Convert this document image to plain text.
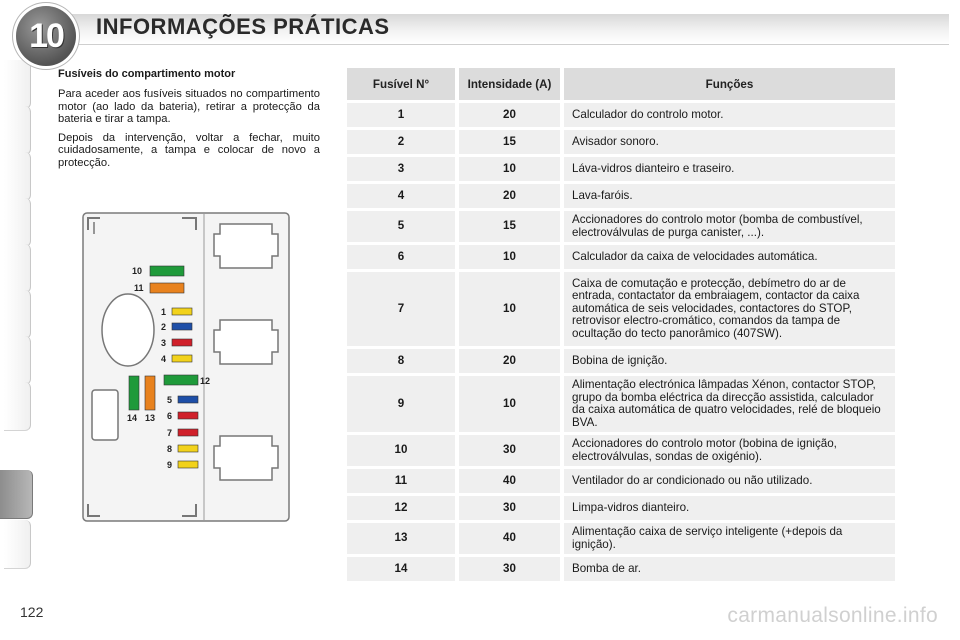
10 INFORMAÇÕES PRÁTICAS
Fusíveis do compartimento motor

Para aceder aos fusíveis situados no compartimento motor (ao lado da bateria), retirar a protecção da bateria e tirar a tampa.

Depois da intervenção, voltar a fechar, muito cuidadosamente, a tampa e colocar de novo a protecção.

10
11
1
2
3
4
12
5
6
7
8
9
14 13
Fusível N°	Intensidade (A)	Funções
1	20	Calculador do controlo motor.
2	15	Avisador sonoro.
3	10	Láva-vidros dianteiro e traseiro.
4	20	Lava-faróis.
5	15	Accionadores do controlo motor (bomba de combustível, electroválvulas de purga canister, ...).
6	10	Calculador da caixa de velocidades automática.
7	10	Caixa de comutação e protecção, debímetro do ar de entrada, contactator da embraiagem, contactor da caixa automática de seis velocidades, contactores do STOP, retrovisor electro-cromático, comandos da tampa de ocultação do tecto panorâmico (407SW).
8	20	Bobina de ignição.
9	10	Alimentação electrónica lâmpadas Xénon, contactor STOP, grupo da bomba eléctrica da direcção assistida, calculador da caixa automática de quatro velocidades, relé de bloqueio BVA.
10	30	Accionadores do controlo motor (bobina de ignição, electroválvulas, sondas de oxigénio).
11	40	Ventilador do ar condicionado ou não utilizado.
12	30	Limpa-vidros dianteiro.
13	40	Alimentação caixa de serviço inteligente (+depois da ignição).
14	30	Bomba de ar.
122	carmanualsonline.info
